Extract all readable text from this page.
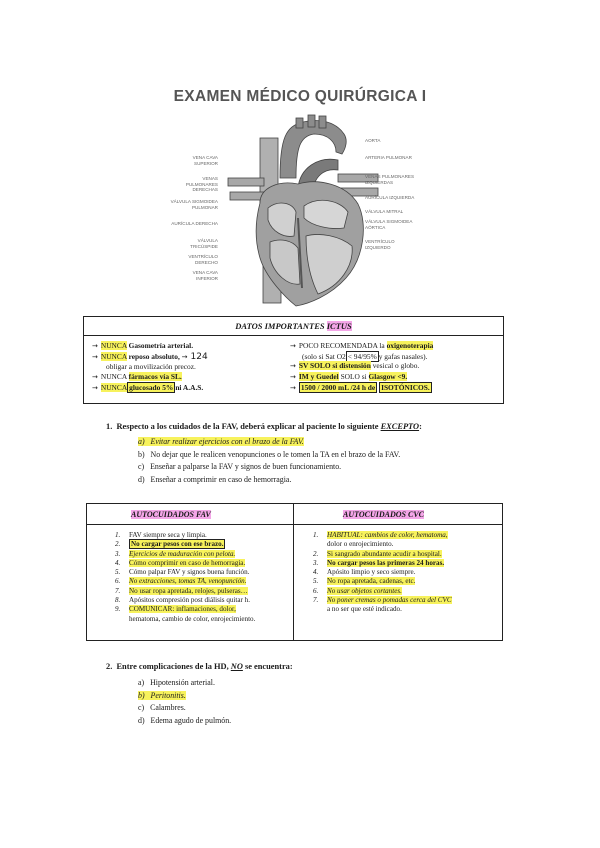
EXAMEN MÉDICO QUIRÚRGICA I
VENA CAVA SUPERIOR
VENAS PULMONARES DERECHAS
VÁLVULA SIGMOIDEA PULMONAR
AURÍCULA DERECHA
VÁLVULA TRICÚSPIDE
VENTRÍCULO DERECHO
VENA CAVA INFERIOR
AORTA
ARTERIA PULMONAR
VENAS PULMONARES IZQUIERDAS
AURÍCULA IZQUIERDA
VÁLVULA MITRAL
VÁLVULA SIGMOIDEA AÓRTICA
VENTRÍCULO IZQUIERDO
DATOS IMPORTANTES ICTUS
→ NUNCA Gasometría arterial.
→ NUNCA reposo absoluto, → 124
obligar a movilización precoz.
→ NUNCA fármacos vía SL.
→ NUNCA glucosado 5% ni A.A.S.
→ POCO RECOMENDADA la oxigenoterapia
(solo si Sat O2 < 94/95% y gafas nasales).
→ SV SOLO si distensión vesical o globo.
→ IM y Guedel SOLO si Glasgow <9.
→ 1500 / 2000 mL /24 h de ISOTÓNICOS.
1. Respecto a los cuidados de la FAV, deberá explicar al paciente lo siguiente EXCEPTO:
a) Evitar realizar ejercicios con el brazo de la FAV.
b) No dejar que le realicen venopunciones o le tomen la TA en el brazo de la FAV.
c) Enseñar a palparse la FAV y signos de buen funcionamiento.
d) Enseñar a comprimir en caso de hemorragia.
AUTOCUIDADOS FAV	AUTOCUIDADOS CVC
1. FAV siempre seca y limpia.
2. No cargar pesos con ese brazo.
3. Ejercicios de maduración con pelota.
4. Cómo comprimir en caso de hemorragia.
5. Cómo palpar FAV y signos buena función.
6. No extracciones, tomas TA, venopunción.
7. No usar ropa apretada, relojes, pulseras…
8. Apósitos compresión post diálisis quitar h.
9. COMUNICAR: inflamaciones, dolor,
hematoma, cambio de color, enrojecimiento.
1. HABITUAL: cambios de color, hematoma,
dolor o enrojecimiento.
2. Si sangrado abundante acudir a hospital.
3. No cargar pesos las primeras 24 horas.
4. Apósito limpio y seco siempre.
5. No ropa apretada, cadenas, etc.
6. No usar objetos cortantes.
7. No poner cremas o pomadas cerca del CVC
a no ser que esté indicado.
2. Entre complicaciones de la HD, NO se encuentra:
a) Hipotensión arterial.
b) Peritonitis.
c) Calambres.
d) Edema agudo de pulmón.
